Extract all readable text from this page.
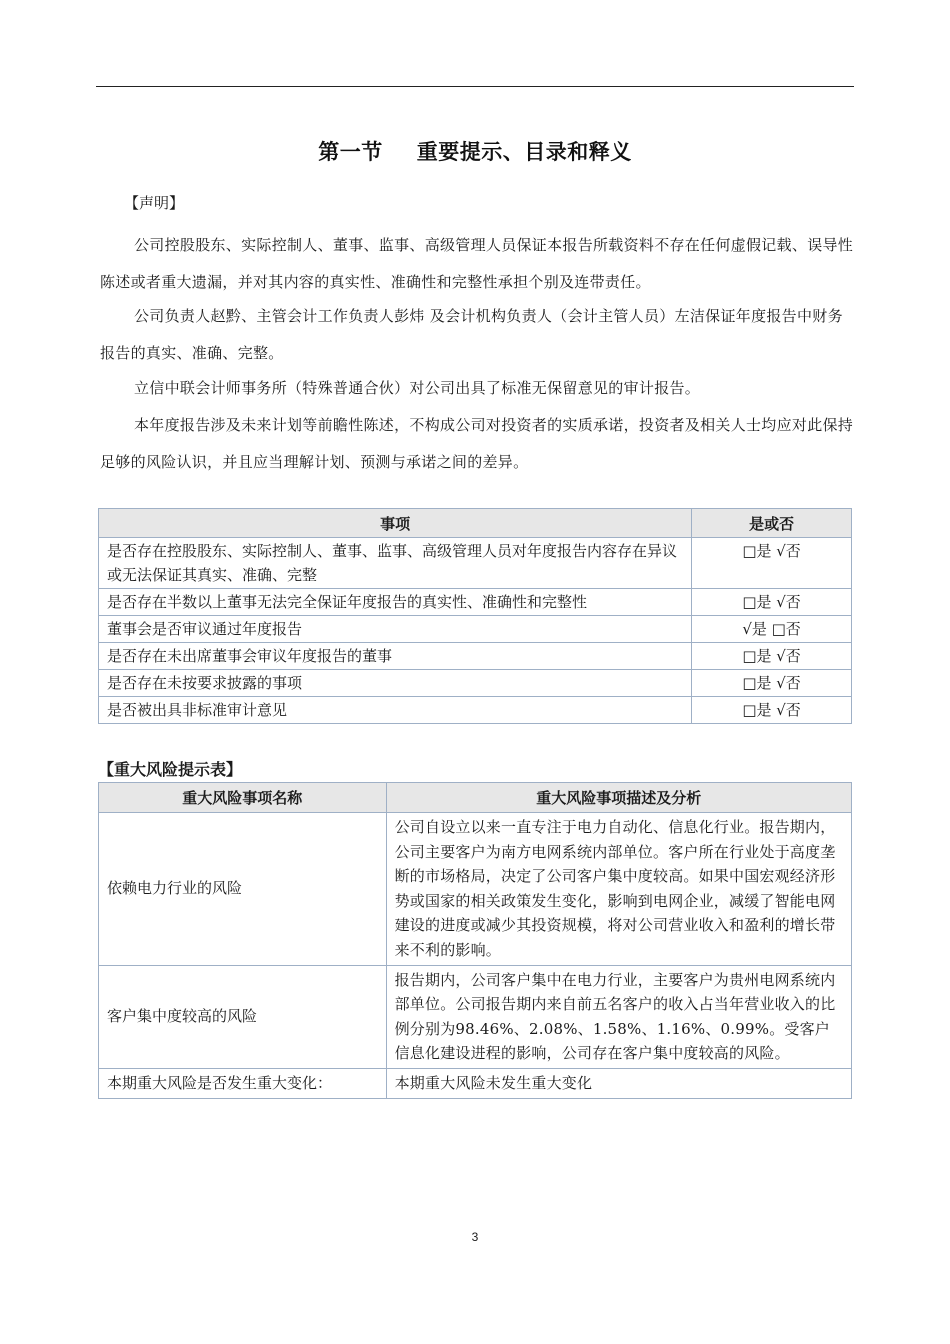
第一节 重要提示、目录和释义
【声明】
公司控股股东、实际控制人、董事、监事、高级管理人员保证本报告所载资料不存在任何虚假记载、误导性陈述或者重大遗漏，并对其内容的真实性、准确性和完整性承担个别及连带责任。
公司负责人赵黔、主管会计工作负责人彭炜 及会计机构负责人（会计主管人员）左洁保证年度报告中财务报告的真实、准确、完整。
立信中联会计师事务所（特殊普通合伙）对公司出具了标准无保留意见的审计报告。
本年度报告涉及未来计划等前瞻性陈述，不构成公司对投资者的实质承诺，投资者及相关人士均应对此保持足够的风险认识，并且应当理解计划、预测与承诺之间的差异。
事项	是或否
是否存在控股股东、实际控制人、董事、监事、高级管理人员对年度报告内容存在异议或无法保证其真实、准确、完整	□是 √否
是否存在半数以上董事无法完全保证年度报告的真实性、准确性和完整性	□是 √否
董事会是否审议通过年度报告	√是 □否
是否存在未出席董事会审议年度报告的董事	□是 √否
是否存在未按要求披露的事项	□是 √否
是否被出具非标准审计意见	□是 √否
【重大风险提示表】
重大风险事项名称	重大风险事项描述及分析
依赖电力行业的风险	公司自设立以来一直专注于电力自动化、信息化行业。报告期内，公司主要客户为南方电网系统内部单位。客户所在行业处于高度垄断的市场格局，决定了公司客户集中度较高。如果中国宏观经济形势或国家的相关政策发生变化，影响到电网企业，减缓了智能电网建设的进度或减少其投资规模，将对公司营业收入和盈利的增长带来不利的影响。
客户集中度较高的风险	报告期内，公司客户集中在电力行业，主要客户为贵州电网系统内部单位。公司报告期内来自前五名客户的收入占当年营业收入的比例分别为98.46%、2.08%、1.58%、1.16%、0.99%。受客户信息化建设进程的影响，公司存在客户集中度较高的风险。
本期重大风险是否发生重大变化：	本期重大风险未发生重大变化
3
